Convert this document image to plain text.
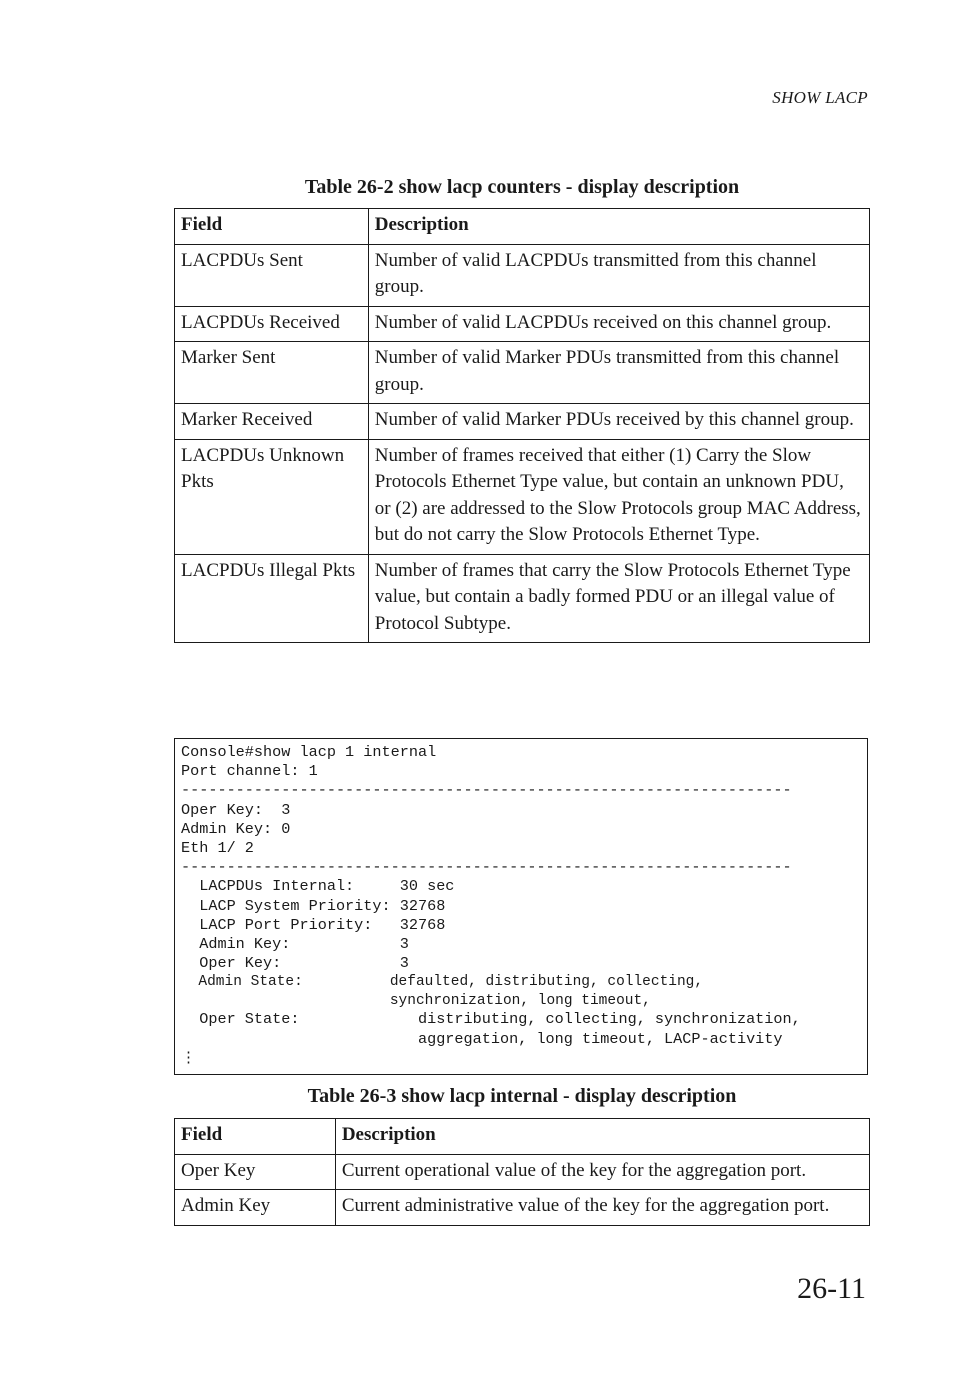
SHOW LACP
Table 26-2 show lacp counters - display description
Field	Description
LACPDUs Sent	Number of valid LACPDUs transmitted from this channel group.
LACPDUs Received	Number of valid LACPDUs received on this channel group.
Marker Sent	Number of valid Marker PDUs transmitted from this channel group.
Marker Received	Number of valid Marker PDUs received by this channel group.
LACPDUs Unknown Pkts	Number of frames received that either (1) Carry the Slow Protocols Ethernet Type value, but contain an unknown PDU, or (2) are addressed to the Slow Protocols group MAC Address, but do not carry the Slow Protocols Ethernet Type.
LACPDUs Illegal Pkts	Number of frames that carry the Slow Protocols Ethernet Type value, but contain a badly formed PDU or an illegal value of Protocol Subtype.
Console#show lacp 1 internal
Port channel: 1
-------------------------------------------------------------------
Oper Key:  3
Admin Key: 0
Eth 1/ 2
-------------------------------------------------------------------
LACPDUs Internal:     30 sec
LACP System Priority: 32768
LACP Port Priority:   32768
Admin Key:            3
Oper Key:             3
Admin State:          defaulted, distributing, collecting,
synchronization, long timeout,
Oper State:             distributing, collecting, synchronization,
aggregation, long timeout, LACP-activity
⋮
Table 26-3 show lacp internal - display description
Field	Description
Oper Key	Current operational value of the key for the aggregation port.
Admin Key	Current administrative value of the key for the aggregation port.
26-11
